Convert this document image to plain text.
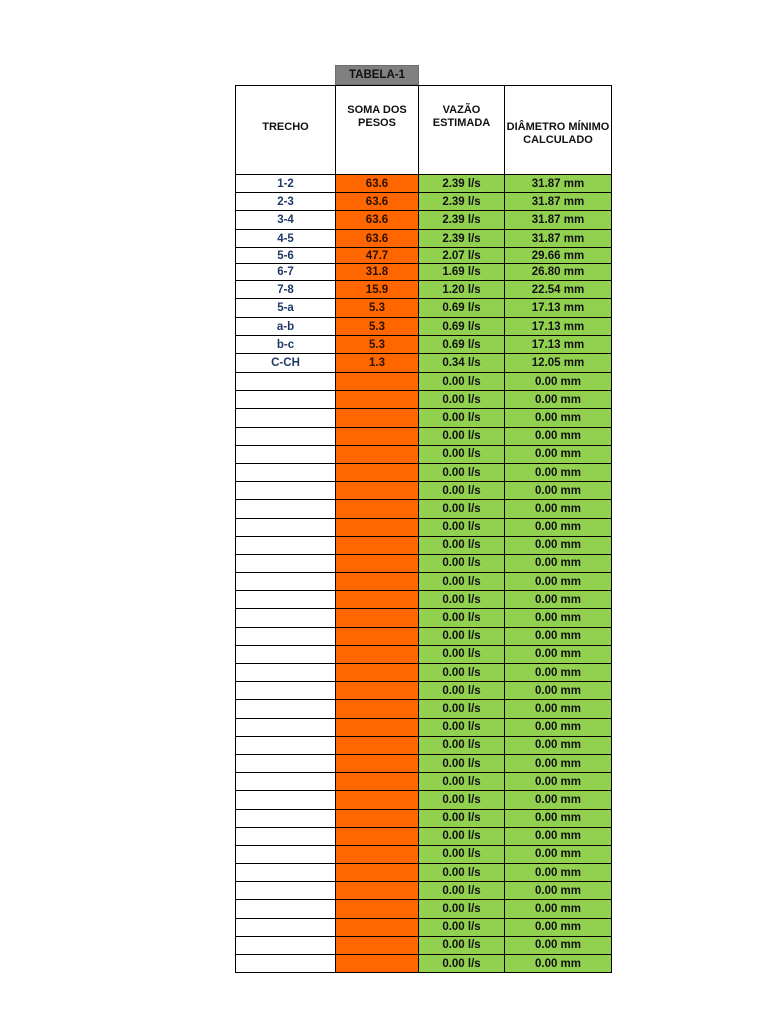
TABELA-1
TRECHO	SOMA DOS PESOS	VAZÃO ESTIMADA	DIÂMETRO MÍNIMO CALCULADO
1-2	63.6	2.39 l/s	31.87 mm
2-3	63.6	2.39 l/s	31.87 mm
3-4	63.6	2.39 l/s	31.87 mm
4-5	63.6	2.39 l/s	31.87 mm
5-6	47.7	2.07 l/s	29.66 mm
6-7	31.8	1.69 l/s	26.80 mm
7-8	15.9	1.20 l/s	22.54 mm
5-a	5.3	0.69 l/s	17.13 mm
a-b	5.3	0.69 l/s	17.13 mm
b-c	5.3	0.69 l/s	17.13 mm
C-CH	1.3	0.34 l/s	12.05 mm
		0.00 l/s	0.00 mm
		0.00 l/s	0.00 mm
		0.00 l/s	0.00 mm
		0.00 l/s	0.00 mm
		0.00 l/s	0.00 mm
		0.00 l/s	0.00 mm
		0.00 l/s	0.00 mm
		0.00 l/s	0.00 mm
		0.00 l/s	0.00 mm
		0.00 l/s	0.00 mm
		0.00 l/s	0.00 mm
		0.00 l/s	0.00 mm
		0.00 l/s	0.00 mm
		0.00 l/s	0.00 mm
		0.00 l/s	0.00 mm
		0.00 l/s	0.00 mm
		0.00 l/s	0.00 mm
		0.00 l/s	0.00 mm
		0.00 l/s	0.00 mm
		0.00 l/s	0.00 mm
		0.00 l/s	0.00 mm
		0.00 l/s	0.00 mm
		0.00 l/s	0.00 mm
		0.00 l/s	0.00 mm
		0.00 l/s	0.00 mm
		0.00 l/s	0.00 mm
		0.00 l/s	0.00 mm
		0.00 l/s	0.00 mm
		0.00 l/s	0.00 mm
		0.00 l/s	0.00 mm
		0.00 l/s	0.00 mm
		0.00 l/s	0.00 mm
		0.00 l/s	0.00 mm
